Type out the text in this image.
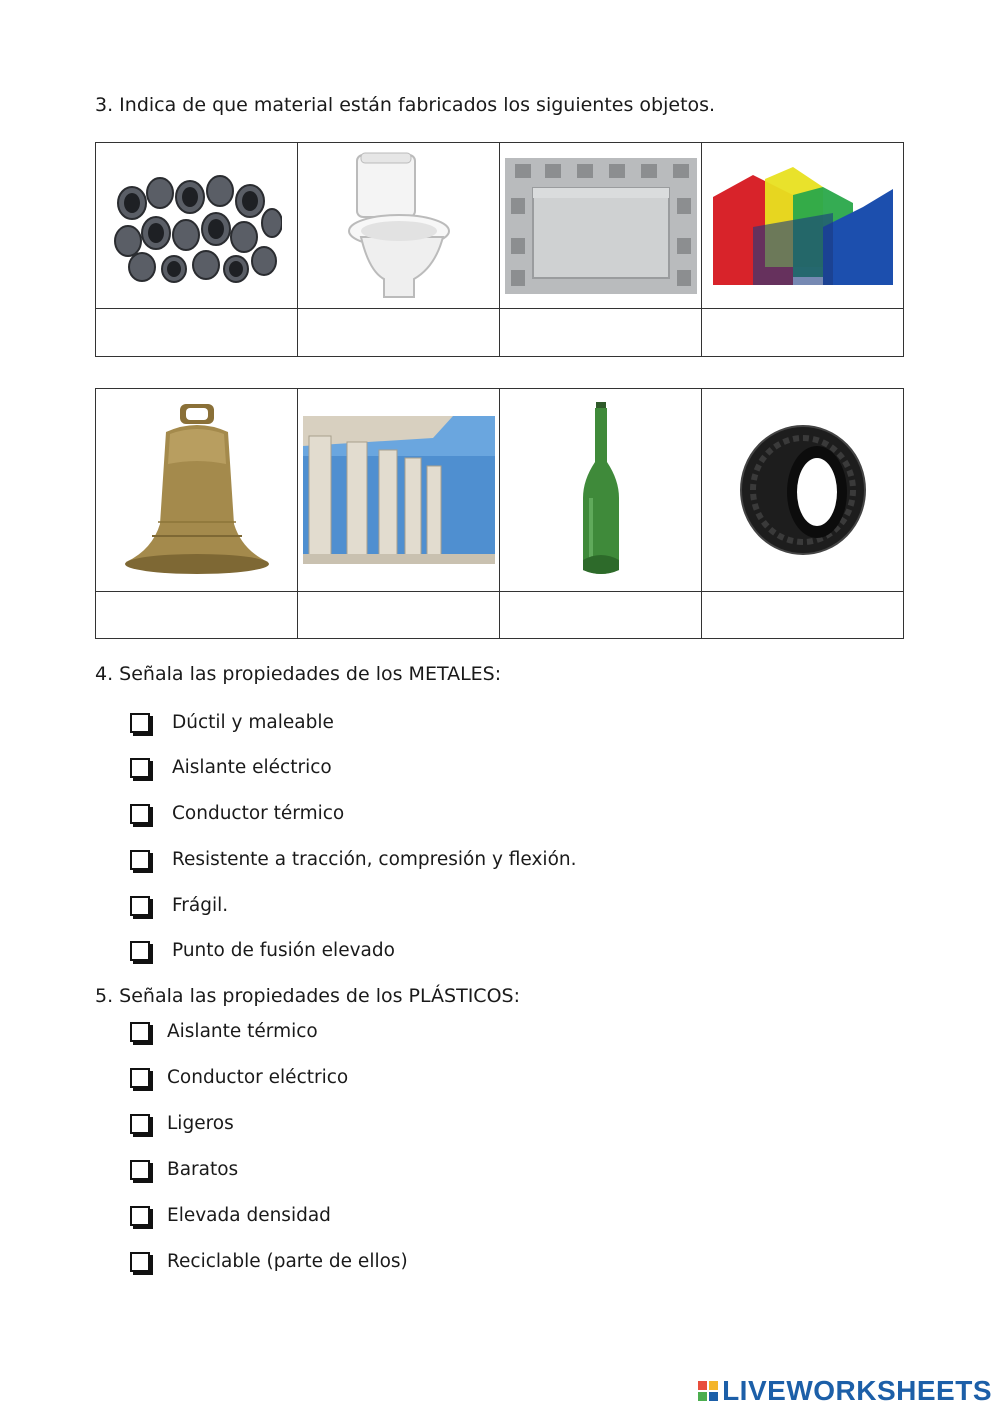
3. Indica de que material están fabricados los siguientes objetos.

4. Señala las propiedades de los METALES:

Dúctil y maleable
Aislante eléctrico
Conductor térmico
Resistente a tracción, compresión y flexión.
Frágil.
Punto de fusión elevado

5. Señala las propiedades de los PLÁSTICOS:

Aislante térmico
Conductor eléctrico
Ligeros
Baratos
Elevada densidad
Reciclable (parte de ellos)
LIVEWORKSHEETS
